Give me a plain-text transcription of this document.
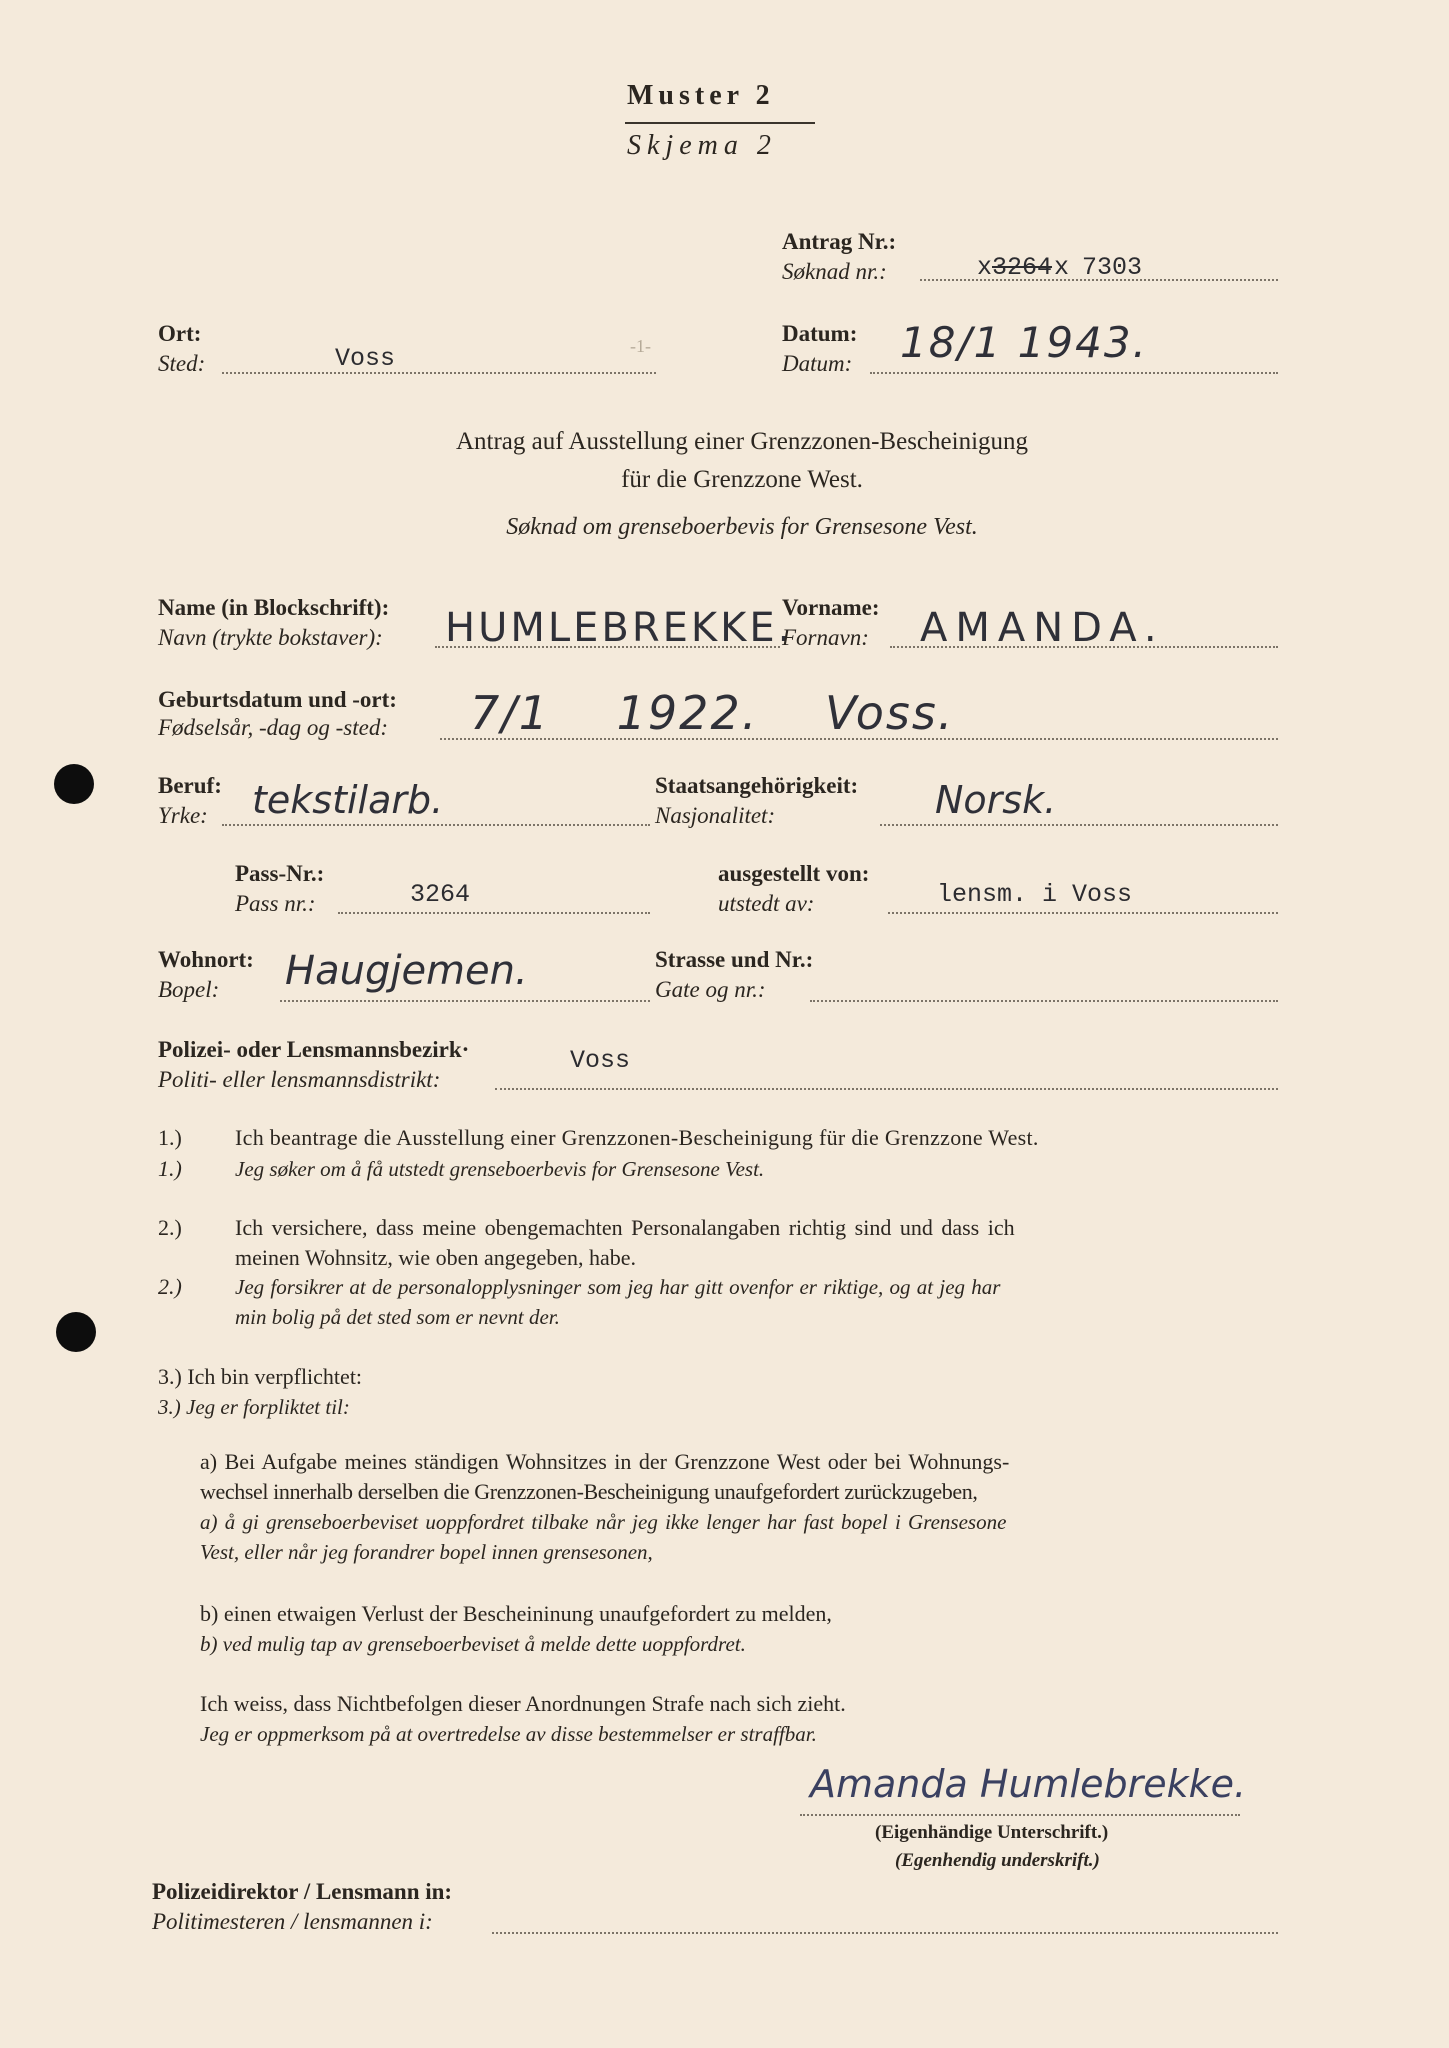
Muster 2
Skjema 2
Antrag Nr.:
Søknad nr.:	x 3264 x 7303
Ort:
Sted:	Voss	-1-	Datum:
Datum: 18/1 1943.
Antrag auf Ausstellung einer Grenzzonen-Bescheinigung
für die Grenzzone West.
Søknad om grenseboerbevis for Grensesone Vest.
Name (in Blockschrift):
Navn (trykte bokstaver): HUMLEBREKKE.
Vorname:
Fornavn: AMANDA.
Geburtsdatum und -ort:
Fødselsår, -dag og -sted: 7/1 1922. Voss.
Beruf:
Yrke: tekstilarb.	Staatsangehörigkeit:
Nasjonalitet:	Norsk.
Pass-Nr.:
Pass nr.:	3264
ausgestellt von:
utstedt av:	lensm. i Voss
Wohnort:
Bopel: Haugjemen.	Strasse und Nr.:
Gate og nr.:
Polizei- oder Lensmannsbezirk·
Politi- eller lensmannsdistrikt:
Voss
1.) Ich beantrage die Ausstellung einer Grenzzonen-Bescheinigung für die Grenzzone West.
1.)	Jeg søker om å få utstedt grenseboerbevis for Grensesone Vest.
2.) Ich versichere, dass meine obengemachten Personalangaben richtig sind und dass ich
meinen Wohnsitz, wie oben angegeben, habe.
2.)	Jeg forsikrer at de personalopplysninger som jeg har gitt ovenfor er riktige, og at jeg har
min bolig på det sted som er nevnt der.
3.) Ich bin verpflichtet:
3.) Jeg er forpliktet til:
a) Bei Aufgabe meines ständigen Wohnsitzes in der Grenzzone West oder bei Wohnungs-
wechsel innerhalb derselben die Grenzzonen-Bescheinigung unaufgefordert zurückzugeben,
a) å gi grenseboerbeviset uoppfordret tilbake når jeg ikke lenger har fast bopel i Grensesone
Vest, eller når jeg forandrer bopel innen grensesonen,
b) einen etwaigen Verlust der Bescheininung unaufgefordert zu melden,
b) ved mulig tap av grenseboerbeviset å melde dette uoppfordret.
Ich weiss, dass Nichtbefolgen dieser Anordnungen Strafe nach sich zieht.
Jeg er oppmerksom på at overtredelse av disse bestemmelser er straffbar.
Amanda Humlebrekke.
(Eigenhändige Unterschrift.)
(Egenhendig underskrift.)
Polizeidirektor / Lensmann in:
Politimesteren / lensmannen i:
